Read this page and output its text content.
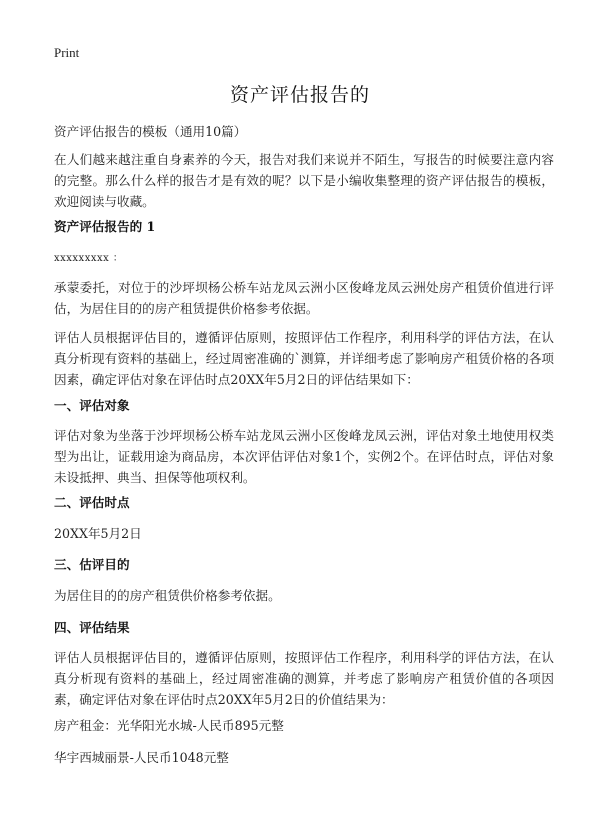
Print
资产评估报告的
资产评估报告的模板（通用10篇）
在人们越来越注重自身素养的今天，报告对我们来说并不陌生，写报告的时候要注意内容的完整。那么什么样的报告才是有效的呢？以下是小编收集整理的资产评估报告的模板，欢迎阅读与收藏。
资产评估报告的 1
xxxxxxxxx ：
承蒙委托，对位于的沙坪坝杨公桥车站龙凤云洲小区俊峰龙凤云洲处房产租赁价值进行评估，为居住目的的房产租赁提供价格参考依据。
评估人员根据评估目的，遵循评估原则，按照评估工作程序，利用科学的评估方法，在认真分析现有资料的基础上，经过周密准确的`测算，并详细考虑了影响房产租赁价格的各项因素，确定评估对象在评估时点20XX年5月2日的评估结果如下：
一、评估对象
评估对象为坐落于沙坪坝杨公桥车站龙凤云洲小区俊峰龙凤云洲，评估对象土地使用权类型为出让，证载用途为商品房，本次评估评估对象1个，实例2个。在评估时点，评估对象未设抵押、典当、担保等他项权利。
二、评估时点
20XX年5月2日
三、估评目的
为居住目的的房产租赁供价格参考依据。
四、评估结果
评估人员根据评估目的，遵循评估原则，按照评估工作程序，利用科学的评估方法，在认真分析现有资料的基础上，经过周密准确的测算，并考虑了影响房产租赁价值的各项因素，确定评估对象在评估时点20XX年5月2日的价值结果为：
房产租金：光华阳光水城-人民币895元整
华宇西城丽景-人民币1048元整
